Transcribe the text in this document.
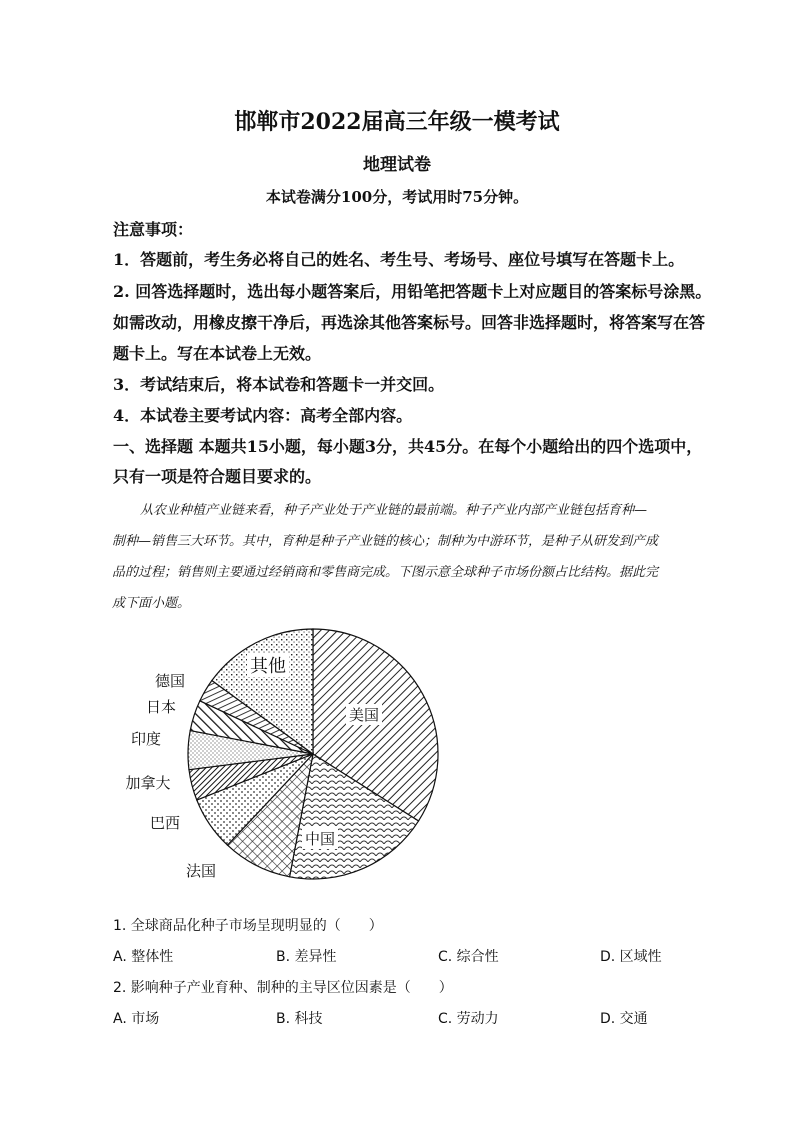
邯郸市2022届高三年级一模考试
地理试卷
本试卷满分100分，考试用时75分钟。
注意事项：
1．答题前，考生务必将自己的姓名、考生号、考场号、座位号填写在答题卡上。
2. 回答选择题时，选出每小题答案后，用铅笔把答题卡上对应题目的答案标号涂黑。
如需改动，用橡皮擦干净后，再选涂其他答案标号。回答非选择题时，将答案写在答
题卡上。写在本试卷上无效。
3．考试结束后，将本试卷和答题卡一并交回。
4．本试卷主要考试内容：高考全部内容。
一、选择题 本题共15小题，每小题3分，共45分。在每个小题给出的四个选项中，
只有一项是符合题目要求的。
从农业种植产业链来看，种子产业处于产业链的最前端。种子产业内部产业链包括育种—
制种—销售三大环节。其中，育种是种子产业链的核心；制种为中游环节，是种子从研发到产成
品的过程；销售则主要通过经销商和零售商完成。下图示意全球种子市场份额占比结构。据此完
成下面小题。
美国
中国
法国
巴西
加拿大
印度
日本
德国
其他
1. 全球商品化种子市场呈现明显的（　　）
A. 整体性	B. 差异性	C. 综合性	D. 区域性
2. 影响种子产业育种、制种的主导区位因素是（　　）
A. 市场	B. 科技	C. 劳动力	D. 交通
